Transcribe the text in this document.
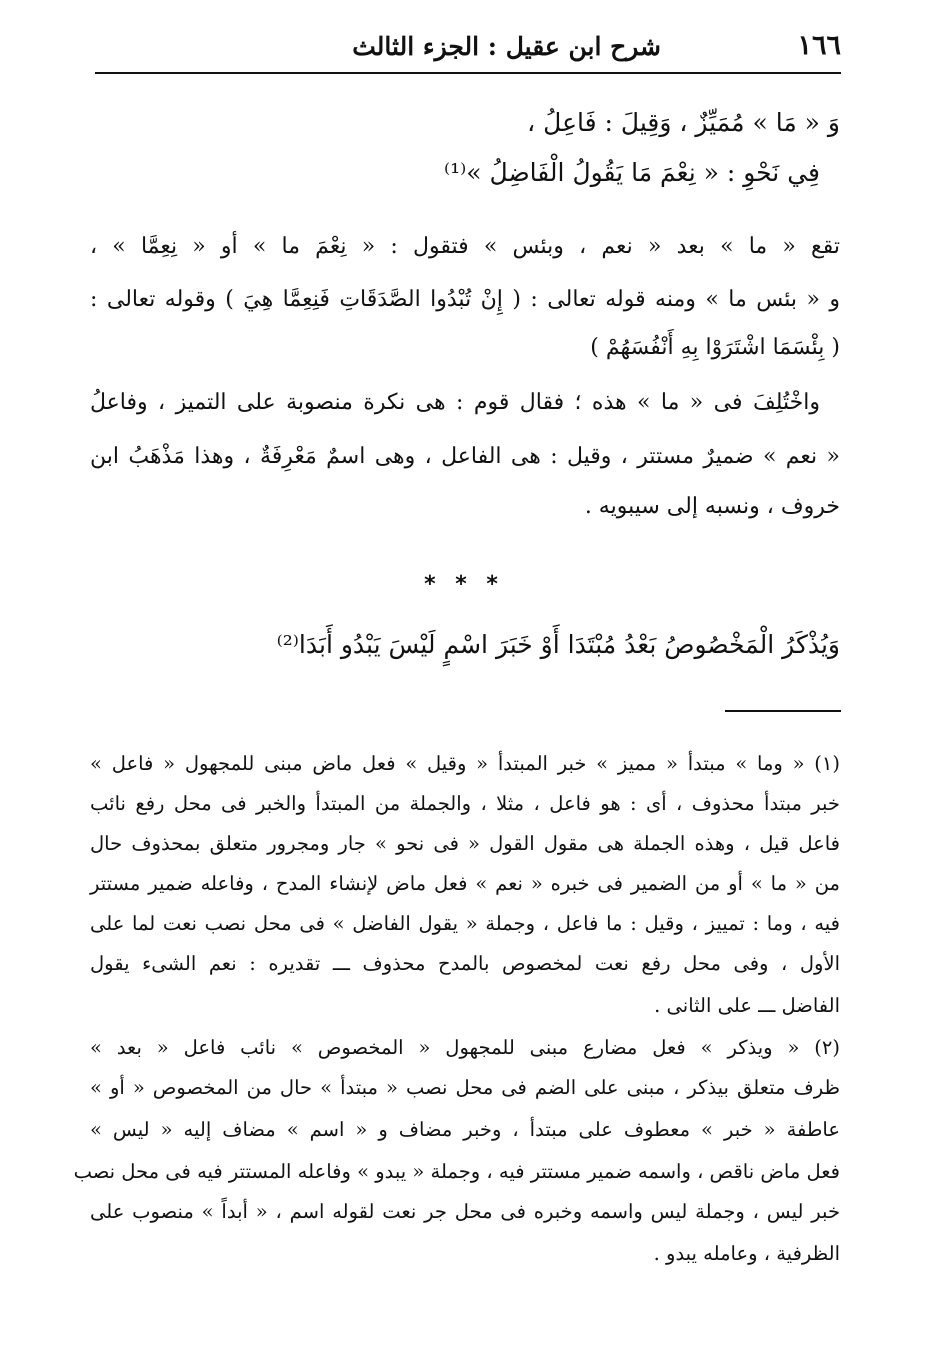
١٦٦
شرح ابن عقيل : الجزء الثالث
وَ « مَا » مُمَيِّزٌ ، وَقِيلَ : فَاعِلُ ،
فِي نَحْوِ : « نِعْمَ مَا يَقُولُ الْفَاضِلُ »⁽¹⁾
تقع « ما » بعد « نعم ، وبئس » فتقول : « نِعْمَ ما » أو « نِعِمَّا » ،
و « بئس ما » ومنه قوله تعالى : ( إِنْ تُبْدُوا الصَّدَقَاتِ فَنِعِمَّا هِيَ ) وقوله تعالى :
( بِئْسَمَا اشْتَرَوْا بِهِ أَنْفُسَهُمْ )
واخْتُلِفَ فى « ما » هذه ؛ فقال قوم : هى نكرة منصوبة على التميز ، وفاعلُ
« نعم » ضميرٌ مستتر ، وقيل : هى الفاعل ، وهى اسمٌ مَعْرِفَةٌ ، وهذا مَذْهَبُ ابن
خروف ، ونسبه إلى سيبويه .
* * *
وَيُذْكَرُ الْمَخْصُوصُ بَعْدُ مُبْتَدَا أَوْ خَبَرَ اسْمٍ لَيْسَ يَبْدُو أَبَدَا⁽²⁾
(١) « وما » مبتدأ « مميز » خبر المبتدأ « وقيل » فعل ماض مبنى للمجهول « فاعل »
خبر مبتدأ محذوف ، أى : هو فاعل ، مثلا ، والجملة من المبتدأ والخبر فى محل رفع نائب
فاعل قيل ، وهذه الجملة هى مقول القول « فى نحو » جار ومجرور متعلق بمحذوف حال
من « ما » أو من الضمير فى خبره « نعم » فعل ماض لإنشاء المدح ، وفاعله ضمير مستتر
فيه ، وما : تمييز ، وقيل : ما فاعل ، وجملة « يقول الفاضل » فى محل نصب نعت لما على
الأول ، وفى محل رفع نعت لمخصوص بالمدح محذوف ـــ تقديره : نعم الشىء يقول
الفاضل ـــ على الثانى .
(٢) « ويذكر » فعل مضارع مبنى للمجهول « المخصوص » نائب فاعل « بعد »
ظرف متعلق بيذكر ، مبنى على الضم فى محل نصب « مبتدأ » حال من المخصوص « أو »
عاطفة « خبر » معطوف على مبتدأ ، وخبر مضاف و « اسم » مضاف إليه « ليس »
فعل ماض ناقص ، واسمه ضمير مستتر فيه ، وجملة « يبدو » وفاعله المستتر فيه فى محل نصب
خبر ليس ، وجملة ليس واسمه وخبره فى محل جر نعت لقوله اسم ، « أبداً » منصوب على
الظرفية ، وعامله يبدو .
